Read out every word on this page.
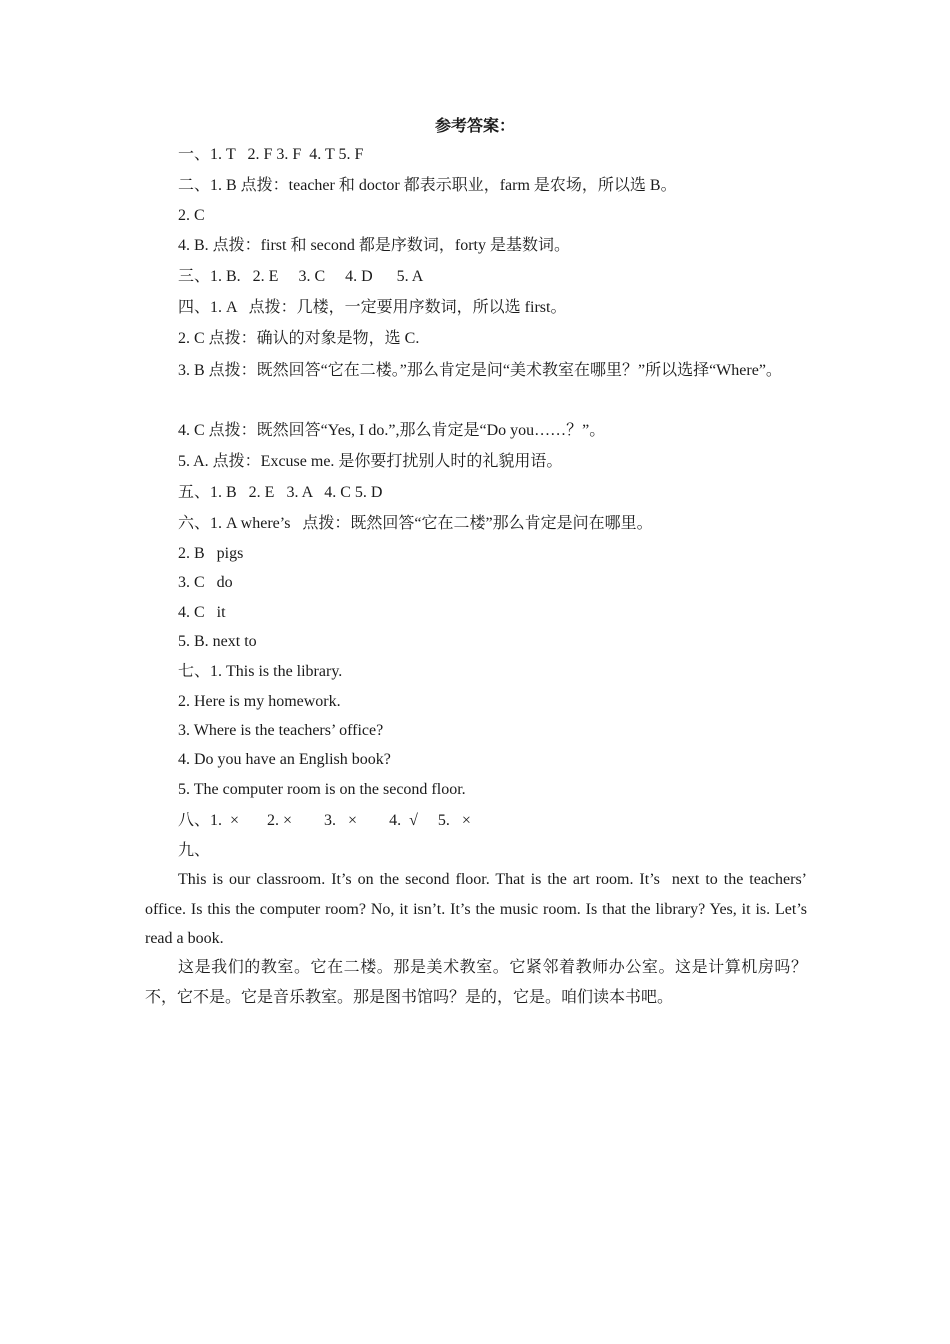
参考答案：
一、1. T   2. F 3. F  4. T 5. F
二、1. B 点拨：teacher 和 doctor 都表示职业，farm 是农场，所以选 B。
2. C
4. B. 点拨：first 和 second 都是序数词，forty 是基数词。
三、1. B.   2. E     3. C     4. D      5. A
四、1. A   点拨：几楼，一定要用序数词，所以选 first。
2. C 点拨：确认的对象是物，选 C.
3. B 点拨：既然回答“它在二楼。”那么肯定是问“美术教室在哪里？”所以选择“Where”。
4. C 点拨：既然回答“Yes, I do.”,那么肯定是“Do you……？”。
5. A. 点拨：Excuse me. 是你要打扰别人时的礼貌用语。
五、1. B   2. E   3. A   4. C 5. D
六、1. A where’s   点拨：既然回答“它在二楼”那么肯定是问在哪里。
2. B   pigs
3. C   do
4. C   it
5. B. next to
七、1. This is the library.
2. Here is my homework.
3. Where is the teachers’ office?
4. Do you have an English book?
5. The computer room is on the second floor.
八、1.  ×       2. ×        3.   ×        4.  √     5.   ×
九、
This is our classroom. It’s on the second floor. That is the art room. It’s  next to the teachers’ office. Is this the computer room? No, it isn’t. It’s the music room. Is that the library? Yes, it is. Let’s read a book.
这是我们的教室。它在二楼。那是美术教室。它紧邻着教师办公室。这是计算机房吗？不，它不是。它是音乐教室。那是图书馆吗？是的，它是。咱们读本书吧。
